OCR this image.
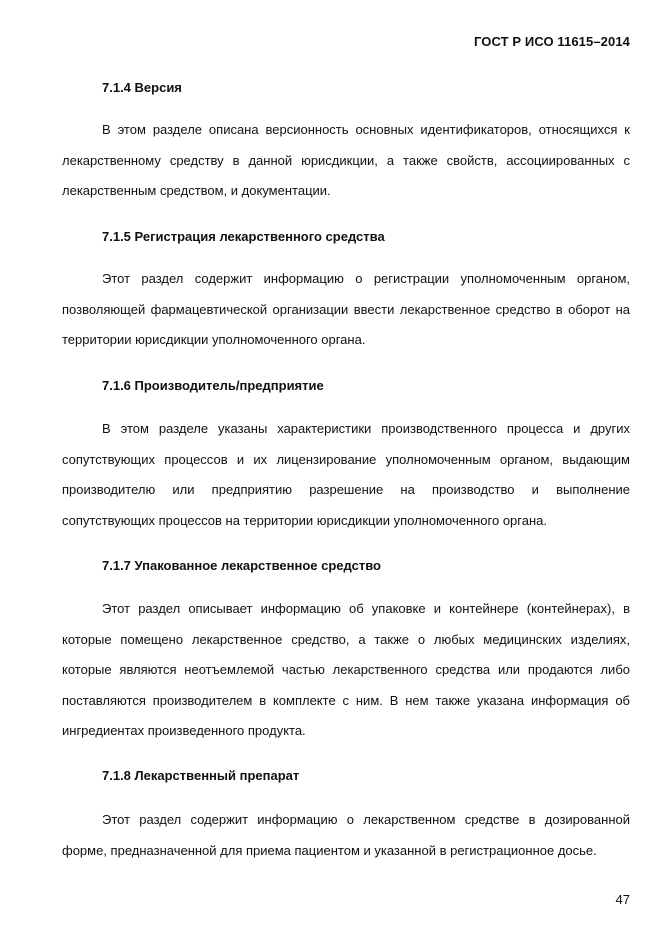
ГОСТ Р ИСО 11615–2014
7.1.4 Версия
В этом разделе описана версионность основных идентификаторов, относящихся к лекарственному средству в данной юрисдикции, а также свойств, ассоциированных с лекарственным средством, и документации.
7.1.5 Регистрация лекарственного средства
Этот раздел содержит информацию о регистрации уполномоченным органом, позволяющей фармацевтической организации ввести лекарственное средство в оборот на территории юрисдикции уполномоченного органа.
7.1.6 Производитель/предприятие
В этом разделе указаны характеристики производственного процесса и других сопутствующих процессов и их лицензирование уполномоченным органом, выдающим производителю или предприятию разрешение на производство и выполнение сопутствующих процессов на территории юрисдикции уполномоченного органа.
7.1.7 Упакованное лекарственное средство
Этот раздел описывает информацию об упаковке и контейнере (контейнерах), в которые помещено лекарственное средство, а также о любых медицинских изделиях, которые являются неотъемлемой частью лекарственного средства или продаются либо поставляются производителем в комплекте с ним. В нем также указана информация об ингредиентах произведенного продукта.
7.1.8 Лекарственный препарат
Этот раздел содержит информацию о лекарственном средстве в дозированной форме, предназначенной для приема пациентом и указанной в регистрационное досье.
47
